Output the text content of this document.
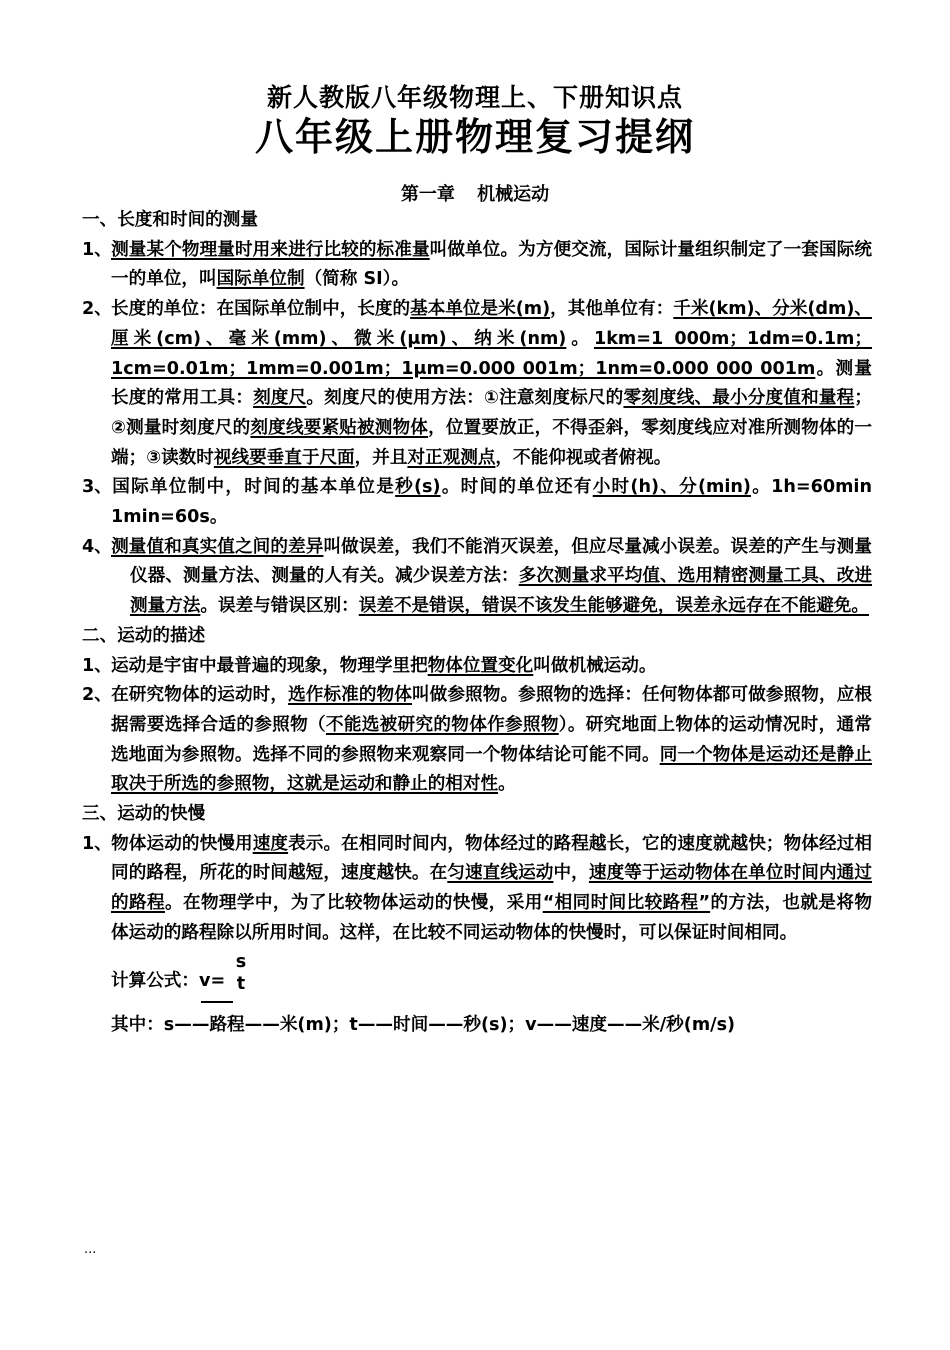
新人教版八年级物理上、下册知识点
八年级上册物理复习提纲
第一章 机械运动
一、长度和时间的测量
1、测量某个物理量时用来进行比较的标准量叫做单位。为方便交流，国际计量组织制定了一套国际统一的单位，叫国际单位制（简称 SI）。
2、长度的单位：在国际单位制中，长度的基本单位是米(m)，其他单位有：千米(km)、分米(dm)、厘米(cm)、毫米(mm)、微米(μm)、纳米(nm)。1km=1 000m；1dm=0.1m；1cm=0.01m；1mm=0.001m；1μm=0.000 001m；1nm=0.000 000 001m。测量长度的常用工具：刻度尺。刻度尺的使用方法：①注意刻度标尺的零刻度线、最小分度值和量程；②测量时刻度尺的刻度线要紧贴被测物体，位置要放正，不得歪斜，零刻度线应对准所测物体的一端；③读数时视线要垂直于尺面，并且对正观测点，不能仰视或者俯视。
3、国际单位制中，时间的基本单位是秒(s)。时间的单位还有小时(h)、分(min)。1h=60min 1min=60s。
4、测量值和真实值之间的差异叫做误差，我们不能消灭误差，但应尽量减小误差。误差的产生与测量仪器、测量方法、测量的人有关。减少误差方法：多次测量求平均值、选用精密测量工具、改进测量方法。误差与错误区别：误差不是错误，错误不该发生能够避免，误差永远存在不能避免。
二、运动的描述
1、运动是宇宙中最普遍的现象，物理学里把物体位置变化叫做机械运动。
2、在研究物体的运动时，选作标准的物体叫做参照物。参照物的选择：任何物体都可做参照物，应根据需要选择合适的参照物（不能选被研究的物体作参照物）。研究地面上物体的运动情况时，通常选地面为参照物。选择不同的参照物来观察同一个物体结论可能不同。同一个物体是运动还是静止取决于所选的参照物，这就是运动和静止的相对性。
三、运动的快慢
1、物体运动的快慢用速度表示。在相同时间内，物体经过的路程越长，它的速度就越快；物体经过相同的路程，所花的时间越短，速度越快。在匀速直线运动中，速度等于运动物体在单位时间内通过的路程。在物理学中，为了比较物体运动的快慢，采用“相同时间比较路程”的方法，也就是将物体运动的路程除以所用时间。这样，在比较不同运动物体的快慢时，可以保证时间相同。
计算公式：v=
s
t
其中：s——路程——米(m)；t——时间——秒(s)；v——速度——米/秒(m/s)
...
